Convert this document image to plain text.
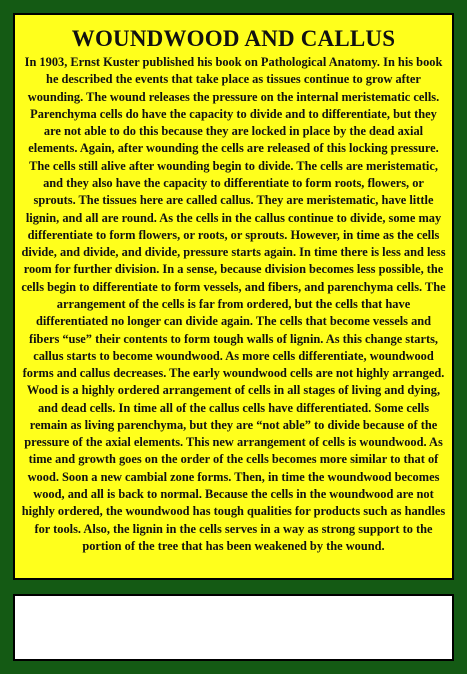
WOUNDWOOD AND CALLUS

In 1903, Ernst Kuster published his book on Pathological Anatomy. In his book he described the events that take place as tissues continue to grow after wounding. The wound releases the pressure on the internal meristematic cells. Parenchyma cells do have the capacity to divide and to differentiate, but they are not able to do this because they are locked in place by the dead axial elements. Again, after wounding the cells are released of this locking pressure. The cells still alive after wounding begin to divide. The cells are meristematic, and they also have the capacity to differentiate to form roots, flowers, or sprouts. The tissues here are called callus. They are meristematic, have little lignin, and all are round. As the cells in the callus continue to divide, some may differentiate to form flowers, or roots, or sprouts. However, in time as the cells divide, and divide, and divide, pressure starts again. In time there is less and less room for further division. In a sense, because division becomes less possible, the cells begin to differentiate to form vessels, and fibers, and parenchyma cells. The arrangement of the cells is far from ordered, but the cells that have differentiated no longer can divide again. The cells that become vessels and fibers “use” their contents to form tough walls of lignin. As this change starts, callus starts to become woundwood. As more cells differentiate, woundwood forms and callus decreases. The early woundwood cells are not highly arranged. Wood is a highly ordered arrangement of cells in all stages of living and dying, and dead cells. In time all of the callus cells have differentiated. Some cells remain as living parenchyma, but they are “not able” to divide because of the pressure of the axial elements. This new arrangement of cells is woundwood. As time and growth goes on the order of the cells becomes more similar to that of wood. Soon a new cambial zone forms. Then, in time the woundwood becomes wood, and all is back to normal. Because the cells in the woundwood are not highly ordered, the woundwood has tough qualities for products such as handles for tools. Also, the lignin in the cells serves in a way as strong support to the portion of the tree that has been weakened by the wound.
